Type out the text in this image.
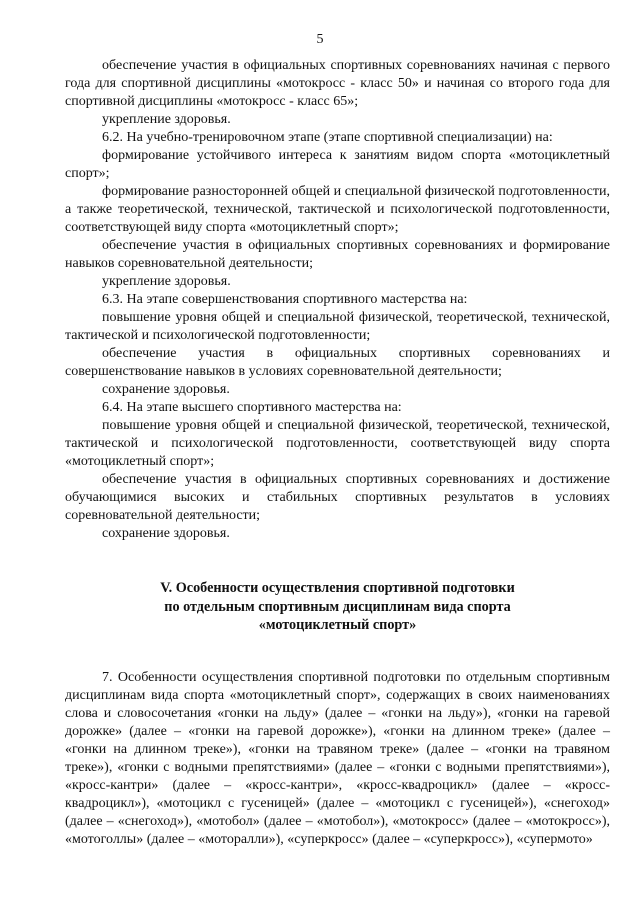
5

обеспечение участия в официальных спортивных соревнованиях начиная с первого года для спортивной дисциплины «мотокросс - класс 50» и начиная со второго года для спортивной дисциплины «мотокросс - класс 65»;

укрепление здоровья.

6.2. На учебно-тренировочном этапе (этапе спортивной специализации) на:

формирование устойчивого интереса к занятиям видом спорта «мотоциклетный спорт»;

формирование разносторонней общей и специальной физической подготовленности, а также теоретической, технической, тактической и психологической подготовленности, соответствующей виду спорта «мотоциклетный спорт»;

обеспечение участия в официальных спортивных соревнованиях и формирование навыков соревновательной деятельности;

укрепление здоровья.

6.3. На этапе совершенствования спортивного мастерства на:

повышение уровня общей и специальной физической, теоретической, технической, тактической и психологической подготовленности;

обеспечение участия в официальных спортивных соревнованиях и совершенствование навыков в условиях соревновательной деятельности;

сохранение здоровья.

6.4. На этапе высшего спортивного мастерства на:

повышение уровня общей и специальной физической, теоретической, технической, тактической и психологической подготовленности, соответствующей виду спорта «мотоциклетный спорт»;

обеспечение участия в официальных спортивных соревнованиях и достижение обучающимися высоких и стабильных спортивных результатов в условиях соревновательной деятельности;

сохранение здоровья.

V. Особенности осуществления спортивной подготовки
по отдельным спортивным дисциплинам вида спорта
«мотоциклетный спорт»

7. Особенности осуществления спортивной подготовки по отдельным спортивным дисциплинам вида спорта «мотоциклетный спорт», содержащих в своих наименованиях слова и словосочетания «гонки на льду» (далее – «гонки на льду»), «гонки на гаревой дорожке» (далее – «гонки на гаревой дорожке»), «гонки на длинном треке» (далее – «гонки на длинном треке»), «гонки на травяном треке» (далее – «гонки на травяном треке»), «гонки с водными препятствиями» (далее – «гонки с водными препятствиями»), «кросс-кантри» (далее – «кросс-кантри», «кросс-квадроцикл» (далее – «кросс-квадроцикл»), «мотоцикл с гусеницей» (далее – «мотоцикл с гусеницей»), «снегоход» (далее – «снегоход»), «мотобол» (далее – «мотобол»), «мотокросс» (далее – «мотокросс»), «мотоголлы» (далее – «моторалли»), «суперкросс» (далее – «суперкросс»), «супермото»
